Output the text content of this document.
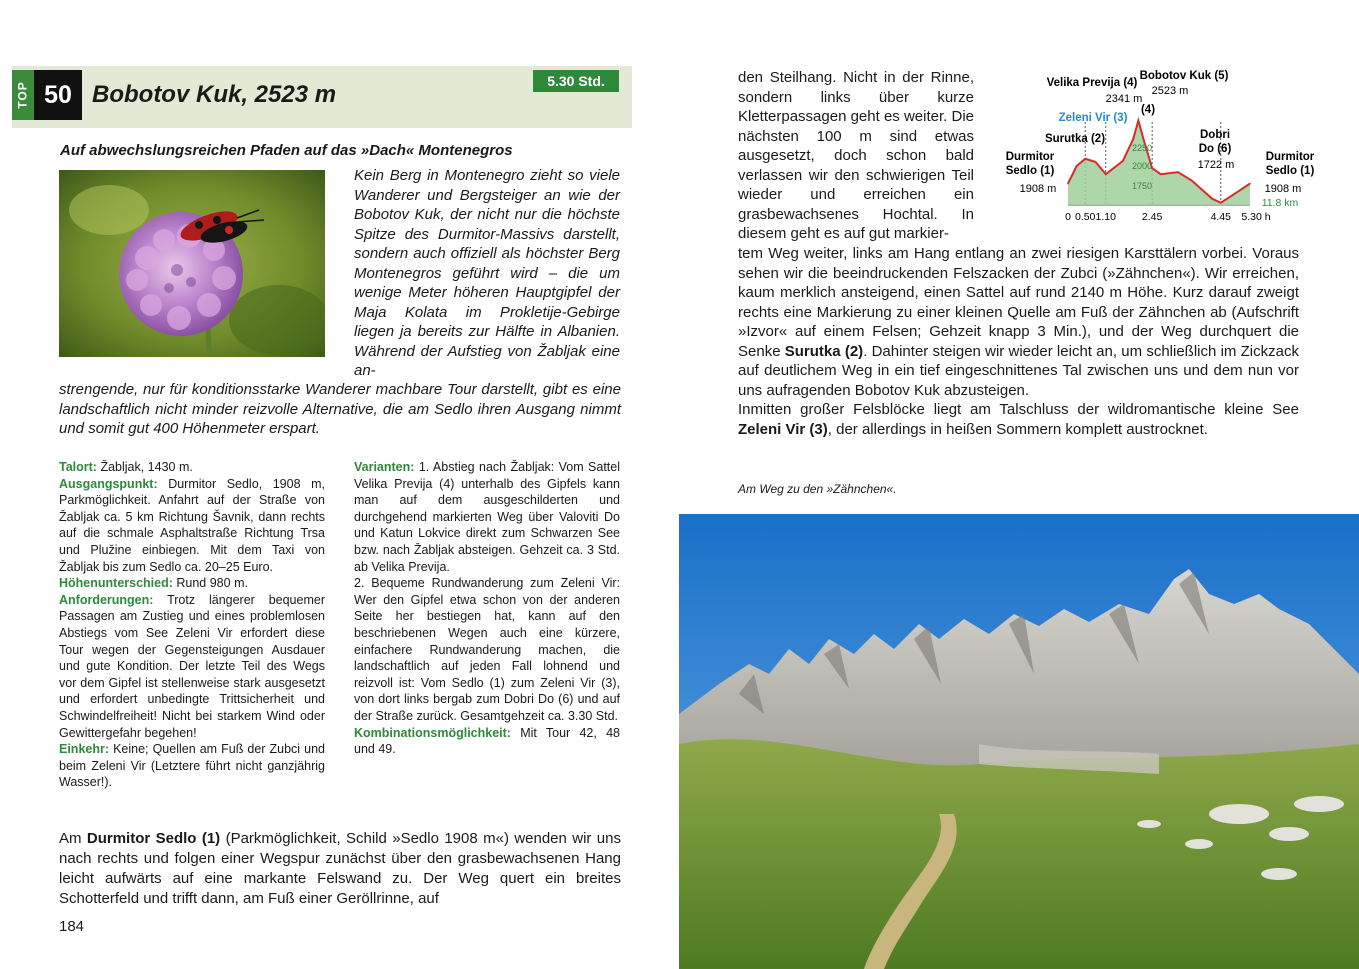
TOP 50 Bobotov Kuk, 2523 m	5.30 Std.
Auf abwechslungsreichen Pfaden auf das »Dach« Montenegros

Kein Berg in Montenegro zieht so viele Wanderer und Bergsteiger an wie der Bobotov Kuk, der nicht nur die höchste Spitze des Durmitor-Massivs darstellt, sondern auch offiziell als höchster Berg Montenegros geführt wird – die um wenige Meter höheren Hauptgipfel der Maja Kolata im Prokletije-Gebirge liegen ja bereits zur Hälfte in Albanien. Während der Aufstieg von Žabljak eine an-

strengende, nur für konditionsstarke Wanderer machbare Tour darstellt, gibt es eine landschaftlich nicht minder reizvolle Alternative, die am Sedlo ihren Ausgang nimmt und somit gut 400 Höhenmeter erspart.

Talort: Žabljak, 1430 m.

Ausgangspunkt: Durmitor Sedlo, 1908 m, Parkmöglichkeit. Anfahrt auf der Straße von Žabljak ca. 5 km Richtung Šavnik, dann rechts auf die schmale Asphaltstraße Richtung Trsa und Plužine einbiegen. Mit dem Taxi von Žabljak bis zum Sedlo ca. 20–25 Euro.

Höhenunterschied: Rund 980 m.

Anforderungen: Trotz längerer bequemer Passagen am Zustieg und eines problemlosen Abstiegs vom See Zeleni Vir erfordert diese Tour wegen der Gegensteigungen Ausdauer und gute Kondition. Der letzte Teil des Wegs vor dem Gipfel ist stellenweise stark ausgesetzt und erfordert unbedingte Trittsicherheit und Schwindelfreiheit! Nicht bei starkem Wind oder Gewittergefahr begehen!

Einkehr: Keine; Quellen am Fuß der Zubci und beim Zeleni Vir (Letztere führt nicht ganzjährig Wasser!).

Varianten: 1. Abstieg nach Žabljak: Vom Sattel Velika Previja (4) unterhalb des Gipfels kann man auf dem ausgeschilderten und durchgehend markierten Weg über Valoviti Do und Katun Lokvice direkt zum Schwarzen See bzw. nach Žabljak absteigen. Gehzeit ca. 3 Std. ab Velika Previja.

2. Bequeme Rundwanderung zum Zeleni Vir: Wer den Gipfel etwa schon von der anderen Seite her bestiegen hat, kann auf den beschriebenen Wegen auch eine kürzere, einfachere Rundwanderung machen, die landschaftlich auf jeden Fall lohnend und reizvoll ist: Vom Sedlo (1) zum Zeleni Vir (3), von dort links bergab zum Dobri Do (6) und auf der Straße zurück. Gesamtgehzeit ca. 3.30 Std.

Kombinationsmöglichkeit: Mit Tour 42, 48 und 49.

Am Durmitor Sedlo (1) (Parkmöglichkeit, Schild »Sedlo 1908 m«) wenden wir uns nach rechts und folgen einer Wegspur zunächst über den grasbewachsenen Hang leicht aufwärts auf eine markante Felswand zu. Der Weg quert ein breites Schotterfeld und trifft dann, am Fuß einer Geröllrinne, auf

184

den Steilhang. Nicht in der Rinne, sondern links über kurze Kletterpassagen geht es weiter. Die nächsten 100 m sind etwas ausgesetzt, doch schon bald verlassen wir den schwierigen Teil wieder und erreichen ein grasbewachsenes Hochtal. In diesem geht es auf gut markier-

0 0.50 1.10 2.45	4.45 5.30 h
Durmitor Sedlo (1)
1908 m
Surutka (2)
Zeleni Vir (3)
Velika Previja (4)
2341 m
Bobotov Kuk (5)
2523 m
(4)
Dobri Do (6)
1722 m
Durmitor Sedlo (1)
1908 m
11.8 km
2250
2000
1750

tem Weg weiter, links am Hang entlang an zwei riesigen Karsttälern vorbei. Voraus sehen wir die beeindruckenden Felszacken der Zubci (»Zähnchen«). Wir erreichen, kaum merklich ansteigend, einen Sattel auf rund 2140 m Höhe. Kurz darauf zweigt rechts eine Markierung zu einer kleinen Quelle am Fuß der Zähnchen ab (Aufschrift »Izvor« auf einem Felsen; Gehzeit knapp 3 Min.), und der Weg durchquert die Senke Surutka (2). Dahinter steigen wir wieder leicht an, um schließlich im Zickzack auf deutlichem Weg in ein tief eingeschnittenes Tal zwischen uns und dem nun vor uns aufragenden Bobotov Kuk abzusteigen.

Inmitten großer Felsblöcke liegt am Talschluss der wildromantische kleine See Zeleni Vir (3), der allerdings in heißen Sommern komplett austrocknet.

Am Weg zu den »Zähnchen«.
